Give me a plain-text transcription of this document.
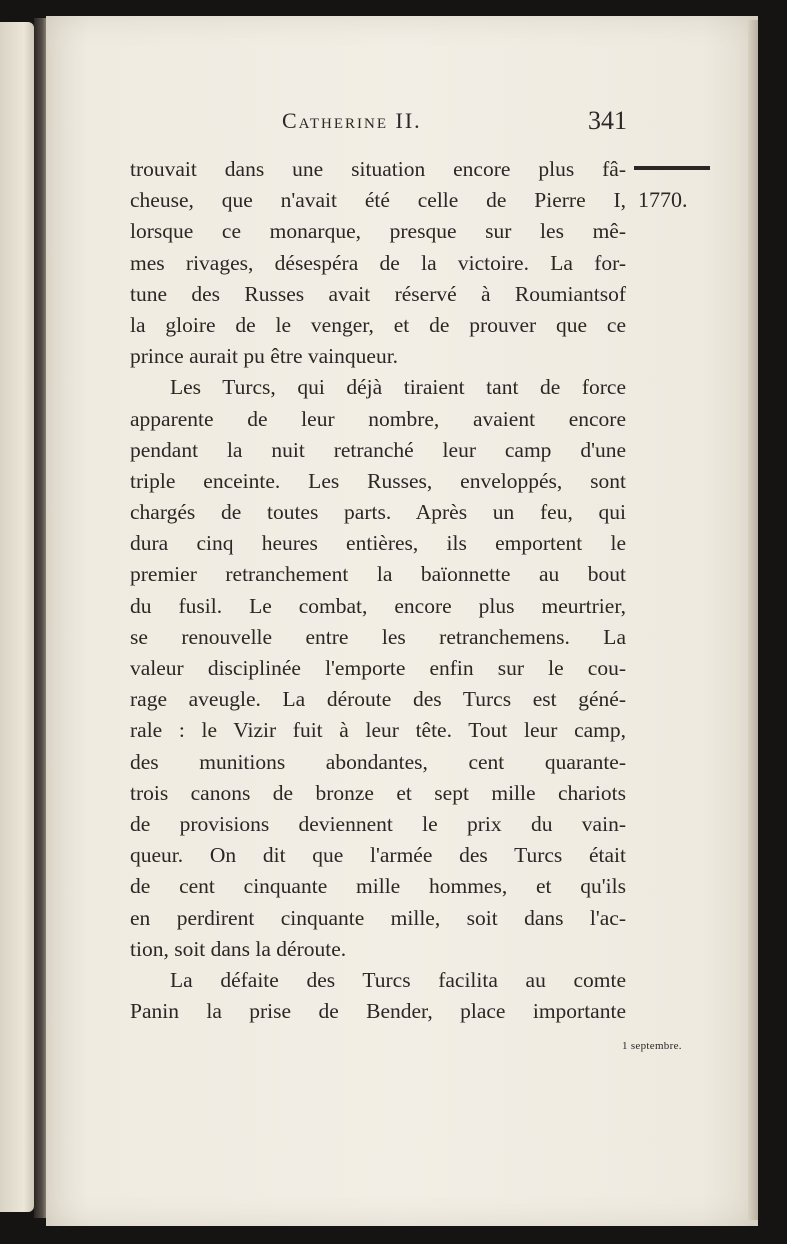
Catherine II.	341
1770.
1 septembre.
trouvait dans une situation encore plus fâ-
cheuse, que n'avait été celle de Pierre I,
lorsque ce monarque, presque sur les mê-
mes rivages, désespéra de la victoire. La for-
tune des Russes avait réservé à Roumiantsof
la gloire de le venger, et de prouver que ce
prince aurait pu être vainqueur.
Les Turcs, qui déjà tiraient tant de force
apparente de leur nombre, avaient encore
pendant la nuit retranché leur camp d'une
triple enceinte. Les Russes, enveloppés, sont
chargés de toutes parts. Après un feu, qui
dura cinq heures entières, ils emportent le
premier retranchement la baïonnette au bout
du fusil. Le combat, encore plus meurtrier,
se renouvelle entre les retranchemens. La
valeur disciplinée l'emporte enfin sur le cou-
rage aveugle. La déroute des Turcs est géné-
rale : le Vizir fuit à leur tête. Tout leur camp,
des munitions abondantes, cent quarante-
trois canons de bronze et sept mille chariots
de provisions deviennent le prix du vain-
queur. On dit que l'armée des Turcs était
de cent cinquante mille hommes, et qu'ils
en perdirent cinquante mille, soit dans l'ac-
tion, soit dans la déroute.
La défaite des Turcs facilita au comte
Panin la prise de Bender, place importante
